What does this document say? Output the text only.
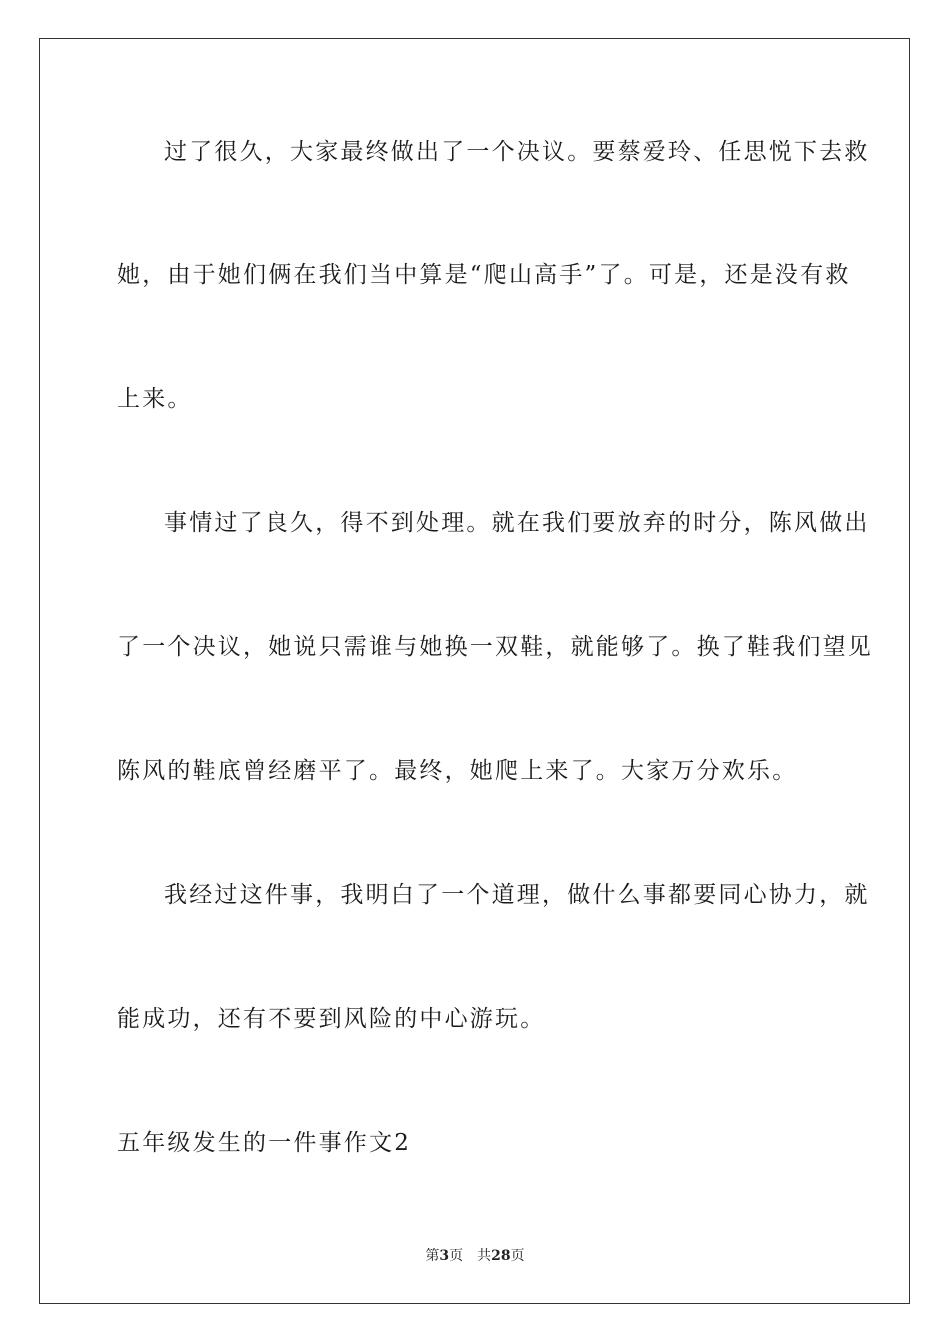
过了很久，大家最终做出了一个决议。要蔡爱玲、任思悦下去救
她，由于她们俩在我们当中算是“爬山高手”了。可是，还是没有救
上来。
事情过了良久，得不到处理。就在我们要放弃的时分，陈风做出
了一个决议，她说只需谁与她换一双鞋，就能够了。换了鞋我们望见
陈风的鞋底曾经磨平了。最终，她爬上来了。大家万分欢乐。
我经过这件事，我明白了一个道理，做什么事都要同心协力，就
能成功，还有不要到风险的中心游玩。
五年级发生的一件事作文2
第3页 共28页
